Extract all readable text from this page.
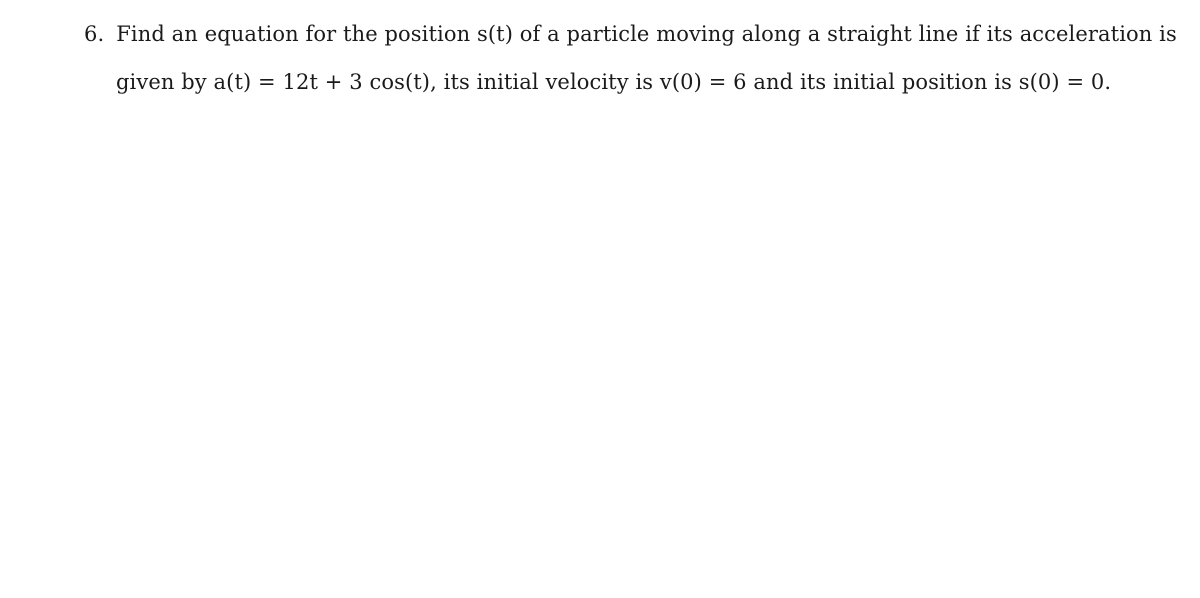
6. Find an equation for the position s(t) of a particle moving along a straight line if its acceleration is
given by a(t) = 12t + 3 cos(t), its initial velocity is v(0) = 6 and its initial position is s(0) = 0.
